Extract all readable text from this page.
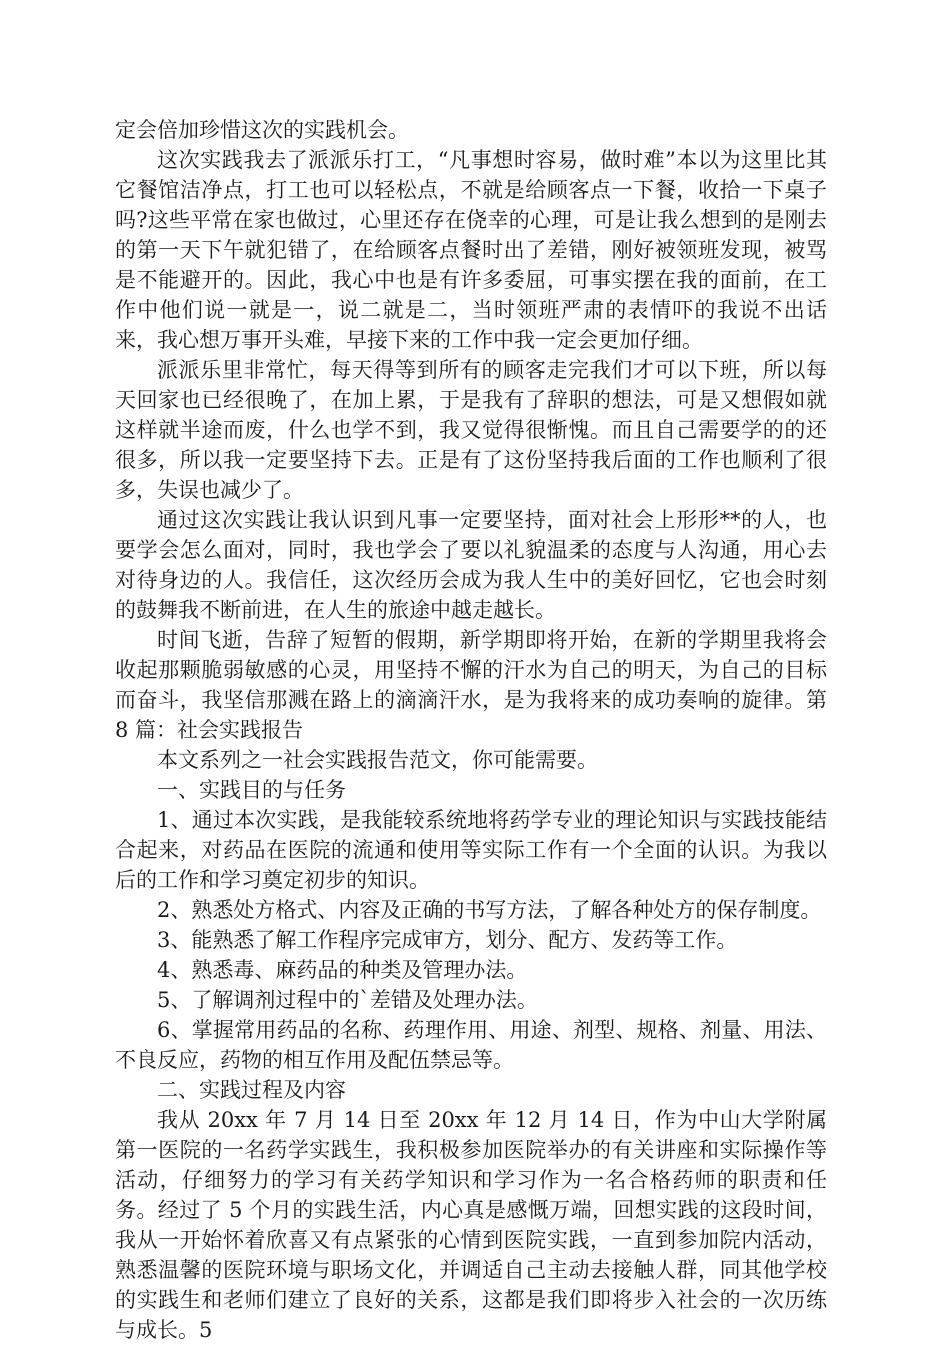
定会倍加珍惜这次的实践机会。

这次实践我去了派派乐打工，“凡事想时容易，做时难”本以为这里比其它餐馆洁净点，打工也可以轻松点，不就是给顾客点一下餐，收拾一下桌子吗?这些平常在家也做过，心里还存在侥幸的心理，可是让我么想到的是刚去的第一天下午就犯错了，在给顾客点餐时出了差错，刚好被领班发现，被骂是不能避开的。因此，我心中也是有许多委屈，可事实摆在我的面前，在工作中他们说一就是一，说二就是二，当时领班严肃的表情吓的我说不出话来，我心想万事开头难，早接下来的工作中我一定会更加仔细。

派派乐里非常忙，每天得等到所有的顾客走完我们才可以下班，所以每天回家也已经很晚了，在加上累，于是我有了辞职的想法，可是又想假如就这样就半途而废，什么也学不到，我又觉得很惭愧。而且自己需要学的的还很多，所以我一定要坚持下去。正是有了这份坚持我后面的工作也顺利了很多，失误也减少了。

通过这次实践让我认识到凡事一定要坚持，面对社会上形形**的人，也要学会怎么面对，同时，我也学会了要以礼貌温柔的态度与人沟通，用心去对待身边的人。我信任，这次经历会成为我人生中的美好回忆，它也会时刻的鼓舞我不断前进，在人生的旅途中越走越长。

时间飞逝，告辞了短暂的假期，新学期即将开始，在新的学期里我将会收起那颗脆弱敏感的心灵，用坚持不懈的汗水为自己的明天，为自己的目标而奋斗，我坚信那溅在路上的滴滴汗水，是为我将来的成功奏响的旋律。第 8 篇：社会实践报告

本文系列之一社会实践报告范文，你可能需要。

一、实践目的与任务

1、通过本次实践，是我能较系统地将药学专业的理论知识与实践技能结合起来，对药品在医院的流通和使用等实际工作有一个全面的认识。为我以后的工作和学习奠定初步的知识。

2、熟悉处方格式、内容及正确的书写方法，了解各种处方的保存制度。

3、能熟悉了解工作程序完成审方，划分、配方、发药等工作。

4、熟悉毒、麻药品的种类及管理办法。

5、了解调剂过程中的`差错及处理办法。

6、掌握常用药品的名称、药理作用、用途、剂型、规格、剂量、用法、不良反应，药物的相互作用及配伍禁忌等。

二、实践过程及内容

我从 20xx 年 7 月 14 日至 20xx 年 12 月 14 日，作为中山大学附属第一医院的一名药学实践生，我积极参加医院举办的有关讲座和实际操作等活动，仔细努力的学习有关药学知识和学习作为一名合格药师的职责和任务。经过了 5 个月的实践生活，内心真是感慨万端，回想实践的这段时间，我从一开始怀着欣喜又有点紧张的心情到医院实践，一直到参加院内活动，熟悉温馨的医院环境与职场文化，并调适自己主动去接触人群，同其他学校的实践生和老师们建立了良好的关系，这都是我们即将步入社会的一次历练与成长。5
